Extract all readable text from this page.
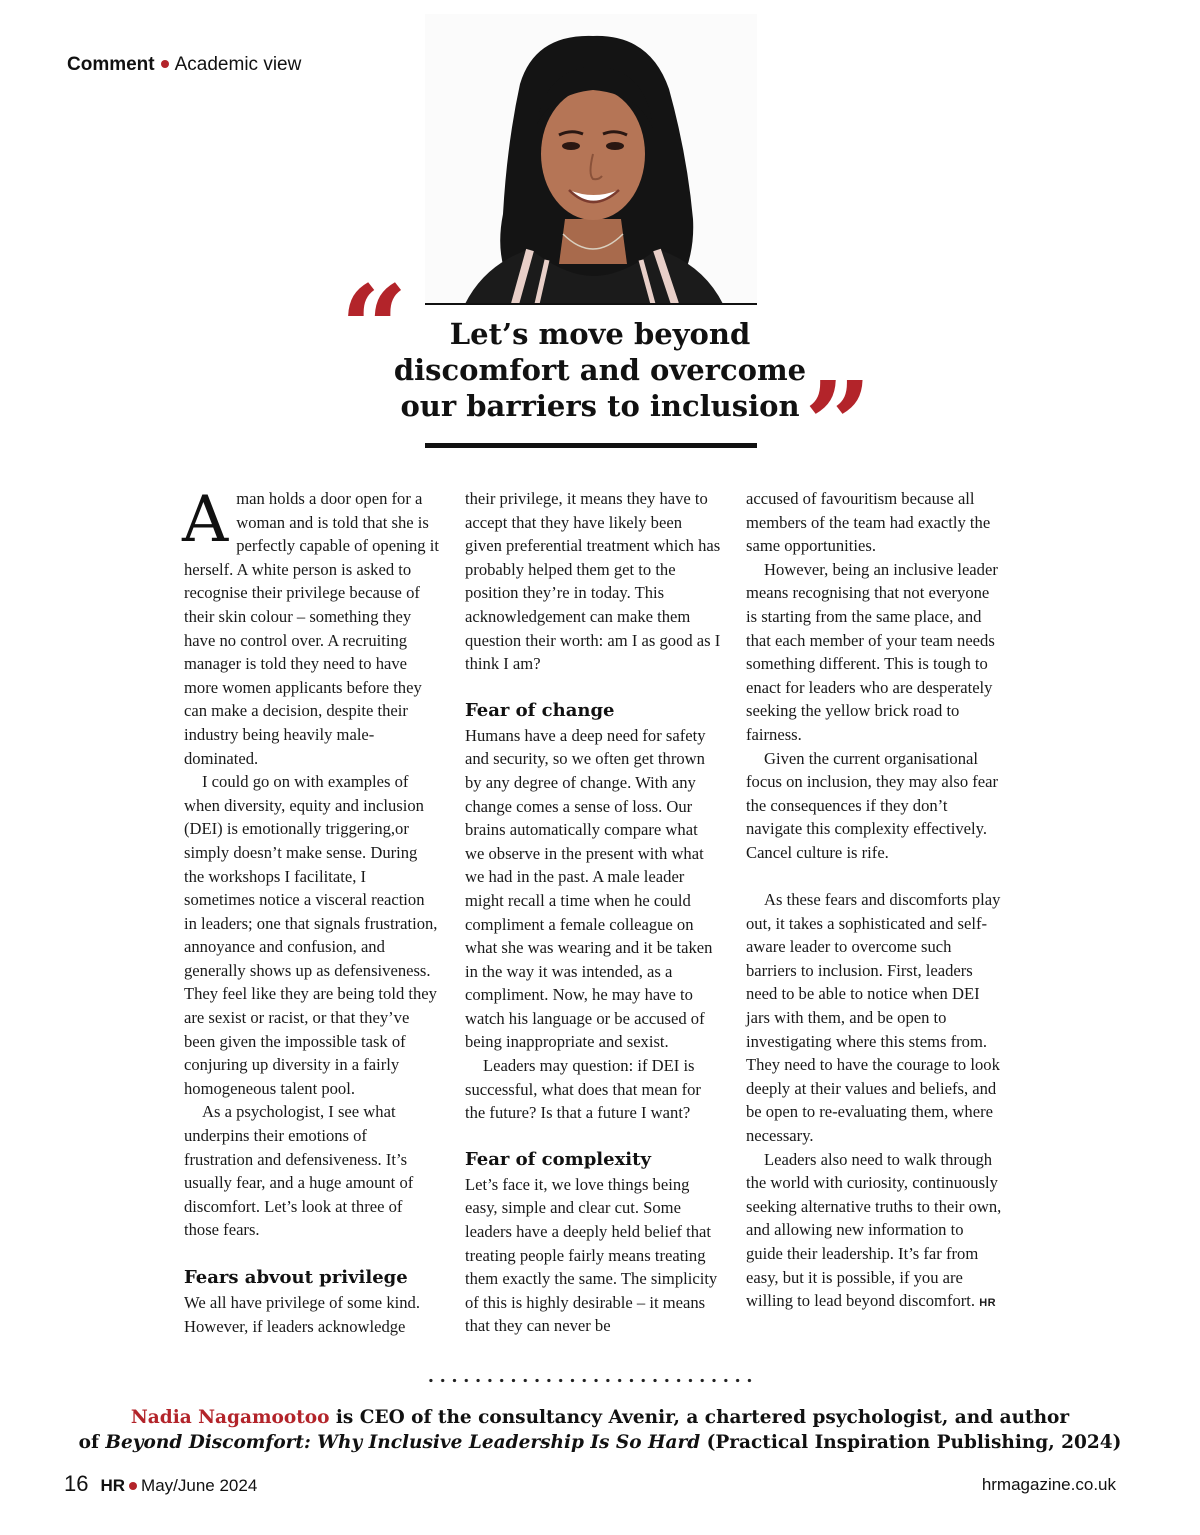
Comment Academic view
“	Let’s move beyond
discomfort and overcome
our barriers to inclusion ”

Aman holds a door open for a woman and is told that she is perfectly capable of opening it herself. A white person is asked to recognise their privilege because of their skin colour – something they have no control over. A recruiting manager is told they need to have more women applicants before they can make a decision, despite their industry being heavily male-dominated.

I could go on with examples of when diversity, equity and inclusion (DEI) is emotionally triggering,or simply doesn’t make sense. During the workshops I facilitate, I sometimes notice a visceral reaction in leaders; one that signals frustration, annoyance and confusion, and generally shows up as defensiveness. They feel like they are being told they are sexist or racist, or that they’ve been given the impossible task of conjuring up diversity in a fairly homogeneous talent pool.

As a psychologist, I see what underpins their emotions of frustration and defensiveness. It’s usually fear, and a huge amount of discomfort. Let’s look at three of those fears.

Fears abvout privilege

We all have privilege of some kind. However, if leaders acknowledge

their privilege, it means they have to accept that they have likely been given preferential treatment which has probably helped them get to the position they’re in today. This acknowledgement can make them question their worth: am I as good as I think I am?

Fear of change

Humans have a deep need for safety and security, so we often get thrown by any degree of change. With any change comes a sense of loss. Our brains automatically compare what we observe in the present with what we had in the past. A male leader might recall a time when he could compliment a female colleague on what she was wearing and it be taken in the way it was intended, as a compliment. Now, he may have to watch his language or be accused of being inappropriate and sexist.

Leaders may question: if DEI is successful, what does that mean for the future? Is that a future I want?

Fear of complexity

Let’s face it, we love things being easy, simple and clear cut. Some leaders have a deeply held belief that treating people fairly means treating them exactly the same. The simplicity of this is highly desirable – it means that they can never be

accused of favouritism because all members of the team had exactly the same opportunities.

However, being an inclusive leader means recognising that not everyone is starting from the same place, and that each member of your team needs something different. This is tough to enact for leaders who are desperately seeking the yellow brick road to fairness.

Given the current organisational focus on inclusion, they may also fear the consequences if they don’t navigate this complexity effectively. Cancel culture is rife.

As these fears and discomforts play out, it takes a sophisticated and self-aware leader to overcome such barriers to inclusion. First, leaders need to be able to notice when DEI jars with them, and be open to investigating where this stems from. They need to have the courage to look deeply at their values and beliefs, and be open to re-evaluating them, where necessary.

Leaders also need to walk through the world with curiosity, continuously seeking alternative truths to their own, and allowing new information to guide their leadership. It’s far from easy, but it is possible, if you are willing to lead beyond discomfort. HR

Nadia Nagamootoo is CEO of the consultancy Avenir, a chartered psychologist, and author
of Beyond Discomfort: Why Inclusive Leadership Is So Hard (Practical Inspiration Publishing, 2024)
16 HR May/June 2024	hrmagazine.co.uk
